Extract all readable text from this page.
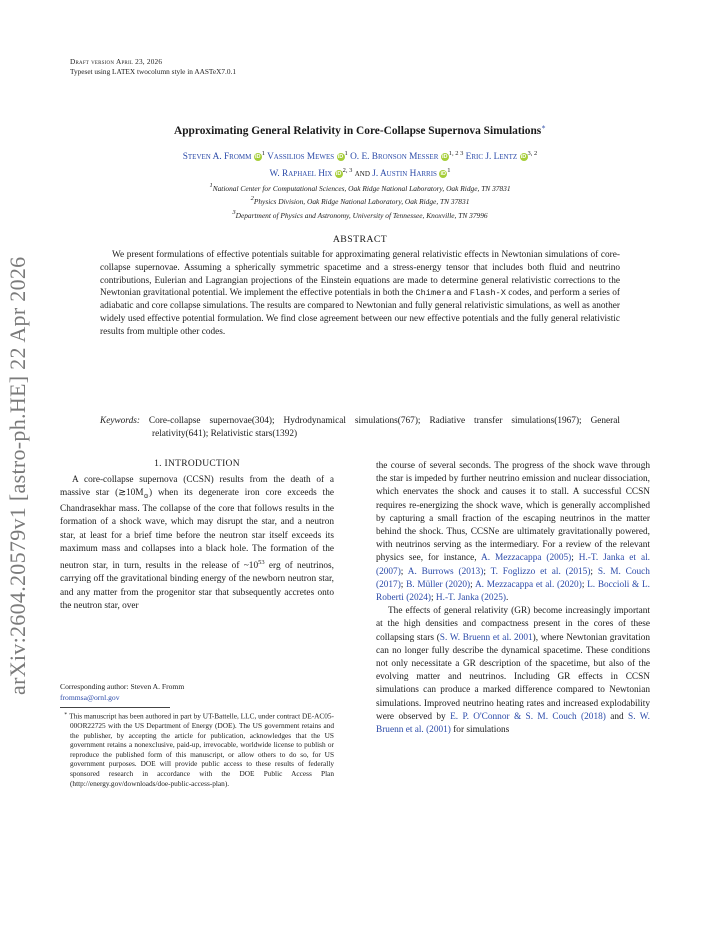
Draft version April 23, 2026
Typeset using LATEX twocolumn style in AASTeX7.0.1
arXiv:2604.20579v1 [astro-ph.HE] 22 Apr 2026
Approximating General Relativity in Core-Collapse Supernova Simulations∗
Steven A. Fromm $iD^1$ Vassilios Mewes $iD^1$ O. E. Bronson Messer $iD^{1, 2 3}$ Eric J. Lentz iD$^{3, 2}$
W. Raphael Hix iD$^{2, 3}$ and J. Austin Harris $iD^1$
1National Center for Computational Sciences, Oak Ridge National Laboratory, Oak Ridge, TN 37831
2Physics Division, Oak Ridge National Laboratory, Oak Ridge, TN 37831
3Department of Physics and Astronomy, University of Tennessee, Knoxville, TN 37996
ABSTRACT
We present formulations of effective potentials suitable for approximating general relativistic effects in Newtonian simulations of core-collapse supernovae. Assuming a spherically symmetric spacetime and a stress-energy tensor that includes both fluid and neutrino contributions, Eulerian and Lagrangian projections of the Einstein equations are made to determine general relativistic corrections to the Newtonian gravitational potential. We implement the effective potentials in both the Chimera and Flash-X codes, and perform a series of adiabatic and core collapse simulations. The results are compared to Newtonian and fully general relativistic simulations, as well as another widely used effective potential formulation. We find close agreement between our new effective potentials and the fully general relativistic results from multiple other codes.
Keywords: Core-collapse supernovae(304); Hydrodynamical simulations(767); Radiative transfer simulations(1967); General relativity(641); Relativistic stars(1392)
1. INTRODUCTION

A core-collapse supernova (CCSN) results from the death of a massive star $(≳10M_⊙)$ when its degenerate iron core exceeds the Chandrasekhar mass. The collapse of the core that follows results in the formation of a shock wave, which may disrupt the star, and a neutron star, at least for a brief time before the neutron star itself exceeds its maximum mass and collapses into a black hole. The formation of the neutron star, in turn, results in the release of $\sim 10^{53}$ erg of neutrinos, carrying off the gravitational binding energy of the newborn neutron star, and any matter from the progenitor star that subsequently accretes onto the neutron star, over

Corresponding author: Steven A. Fromm
frommsa@ornl.gov
∗ This manuscript has been authored in part by UT-Battelle, LLC, under contract DE-AC05-00OR22725 with the US Department of Energy (DOE). The US government retains and the publisher, by accepting the article for publication, acknowledges that the US government retains a nonexclusive, paid-up, irrevocable, worldwide license to publish or reproduce the published form of this manuscript, or allow others to do so, for US government purposes. DOE will provide public access to these results of federally sponsored research in accordance with the DOE Public Access Plan (http://energy.gov/downloads/doe-public-access-plan).

the course of several seconds. The progress of the shock wave through the star is impeded by further neutrino emission and nuclear dissociation, which enervates the shock and causes it to stall. A successful CCSN requires re-energizing the shock wave, which is generally accomplished by capturing a small fraction of the escaping neutrinos in the matter behind the shock. Thus, CCSNe are ultimately gravitationally powered, with neutrinos serving as the intermediary. For a review of the relevant physics see, for instance, A. Mezzacappa (2005); H.-T. Janka et al. (2007); A. Burrows (2013); T. Foglizzo et al. (2015); S. M. Couch (2017); B. Müller (2020); A. Mezzacappa et al. (2020); L. Boccioli & L. Roberti (2024); H.-T. Janka (2025).

The effects of general relativity (GR) become increasingly important at the high densities and compactness present in the cores of these collapsing stars (S. W. Bruenn et al. 2001), where Newtonian gravitation can no longer fully describe the dynamical spacetime. These conditions not only necessitate a GR description of the spacetime, but also of the evolving matter and neutrinos. Including GR effects in CCSN simulations can produce a marked difference compared to Newtonian simulations. Improved neutrino heating rates and increased explodability were observed by E. P. O'Connor & S. M. Couch (2018) and S. W. Bruenn et al. (2001) for simulations
